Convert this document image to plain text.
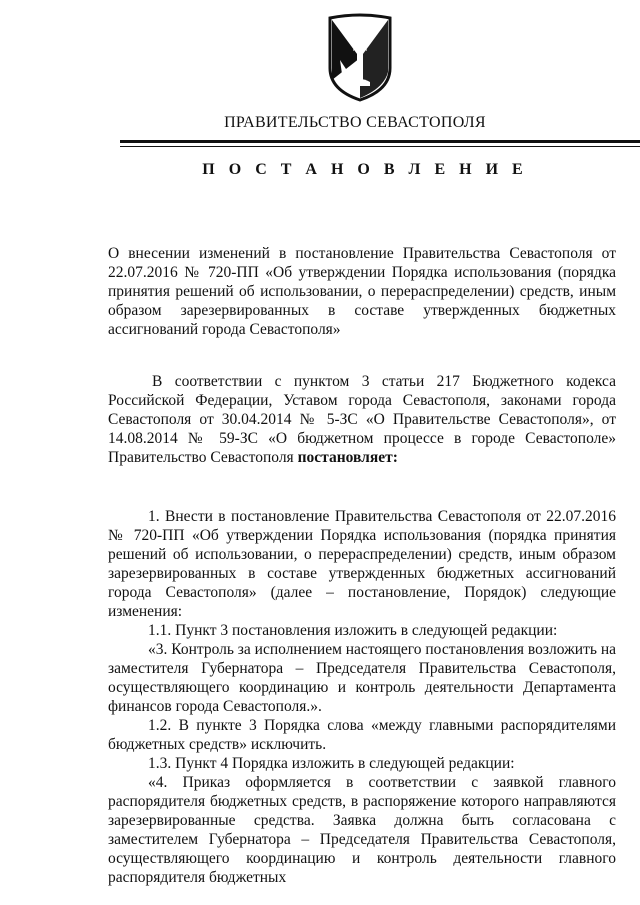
ПРАВИТЕЛЬСТВО СЕВАСТОПОЛЯ
П О С Т А Н О В Л Е Н И Е
О внесении изменений в постановление Правительства Севастополя от 22.07.2016 № 720-ПП «Об утверждении Порядка использования (порядка принятия решений об использовании, о перераспределении) средств, иным образом зарезервированных в составе утвержденных бюджетных ассигнований города Севастополя»
В соответствии с пунктом 3 статьи 217 Бюджетного кодекса Российской Федерации, Уставом города Севастополя, законами города Севастополя от 30.04.2014 № 5-ЗС «О Правительстве Севастополя», от 14.08.2014 № 59-ЗС «О бюджетном процессе в городе Севастополе» Правительство Севастополя постановляет:

1. Внести в постановление Правительства Севастополя от 22.07.2016 № 720-ПП «Об утверждении Порядка использования (порядка принятия решений об использовании, о перераспределении) средств, иным образом зарезервированных в составе утвержденных бюджетных ассигнований города Севастополя» (далее – постановление, Порядок) следующие изменения:

1.1. Пункт 3 постановления изложить в следующей редакции:

«3. Контроль за исполнением настоящего постановления возложить на заместителя Губернатора – Председателя Правительства Севастополя, осуществляющего координацию и контроль деятельности Департамента финансов города Севастополя.».

1.2. В пункте 3 Порядка слова «между главными распорядителями бюджетных средств» исключить.

1.3. Пункт 4 Порядка изложить в следующей редакции:

«4. Приказ оформляется в соответствии с заявкой главного распорядителя бюджетных средств, в распоряжение которого направляются зарезервированные средства. Заявка должна быть согласована с заместителем Губернатора – Председателя Правительства Севастополя, осуществляющего координацию и контроль деятельности главного распорядителя бюджетных
